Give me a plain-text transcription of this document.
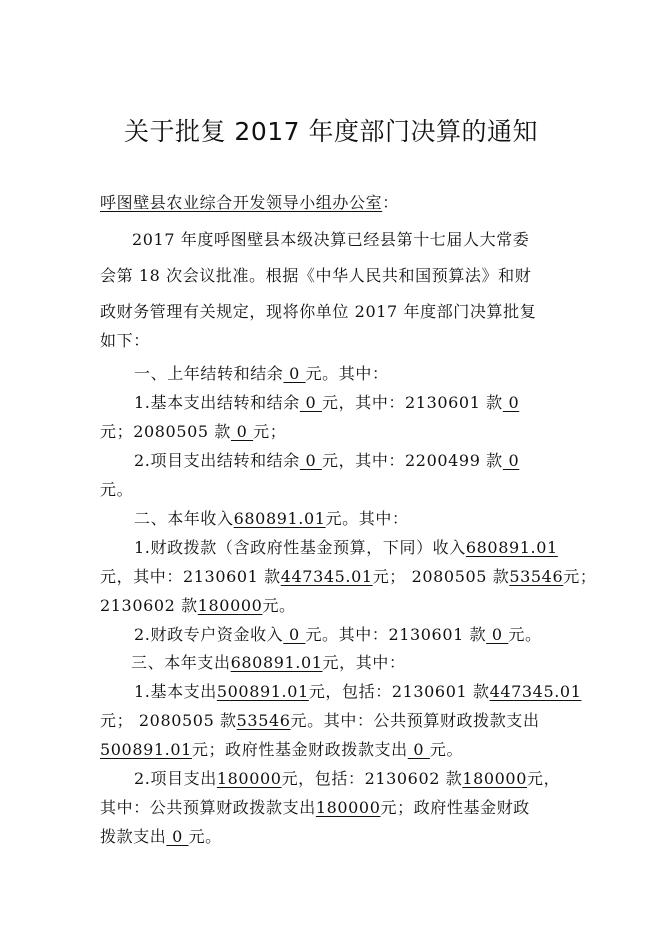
关于批复 2017 年度部门决算的通知
呼图壁县农业综合开发领导小组办公室：
2017 年度呼图壁县本级决算已经县第十七届人大常委
会第 18 次会议批准。根据《中华人民共和国预算法》和财
政财务管理有关规定，现将你单位 2017 年度部门决算批复
如下：
一、上年结转和结余 0 元。其中：
1.基本支出结转和结余 0 元，其中：2130601 款 0
元；2080505 款 0 元；
2.项目支出结转和结余 0 元，其中：2200499 款 0
元。
二、本年收入680891.01元。其中：
1.财政拨款（含政府性基金预算，下同）收入680891.01
元，其中：2130601 款447345.01元； 2080505 款53546元；
2130602 款180000元。
2.财政专户资金收入 0 元。其中：2130601 款 0 元。
三、本年支出680891.01元，其中：
1.基本支出500891.01元，包括：2130601 款447345.01
元； 2080505 款53546元。其中：公共预算财政拨款支出
500891.01元；政府性基金财政拨款支出 0 元。
2.项目支出180000元，包括：2130602 款180000元，
其中：公共预算财政拨款支出180000元；政府性基金财政
拨款支出 0 元。
